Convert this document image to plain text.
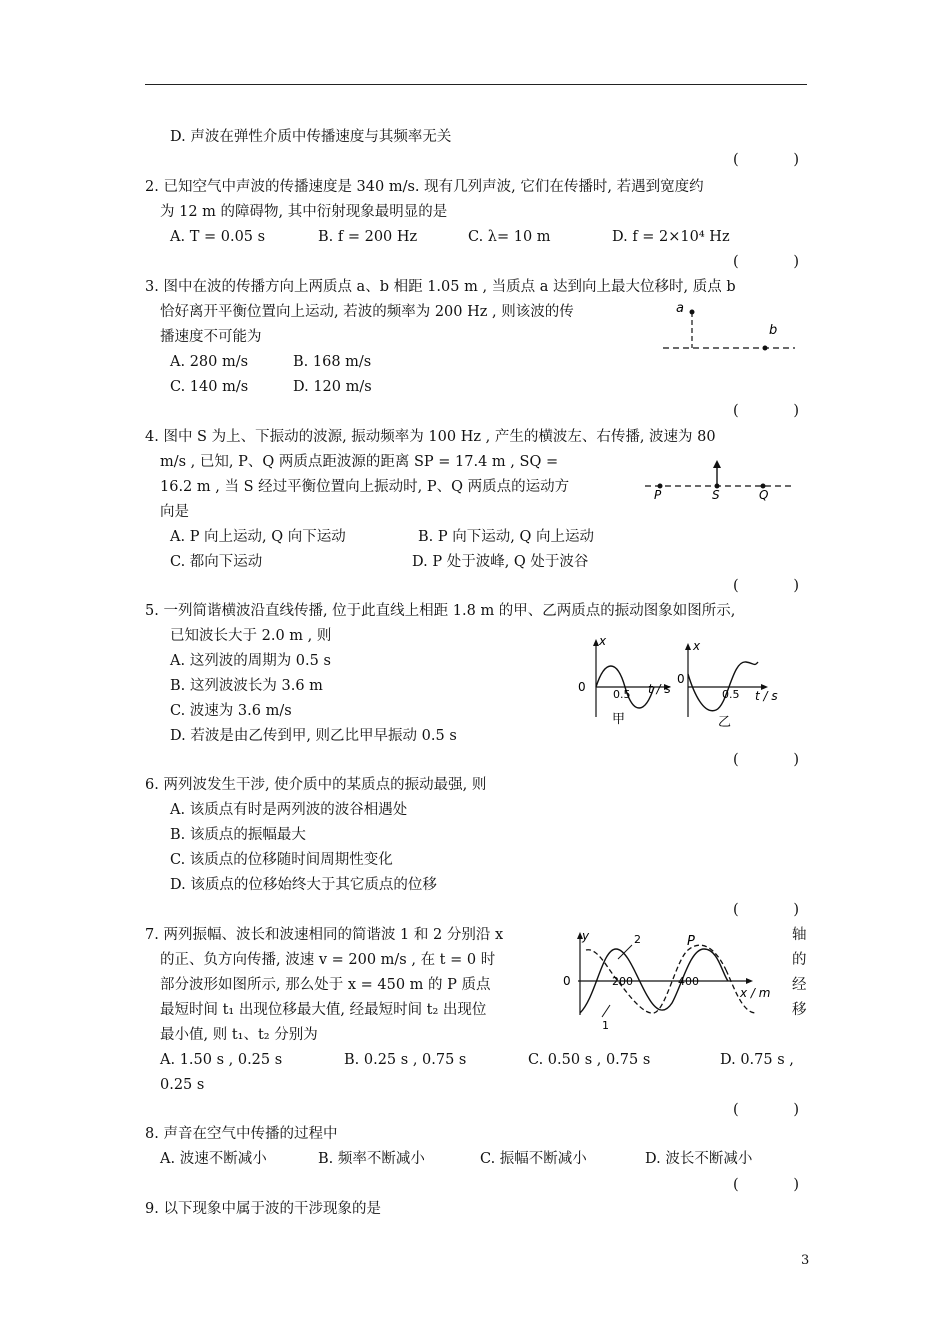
D. 声波在弹性介质中传播速度与其频率无关
(	)
2. 已知空气中声波的传播速度是 340 m/s. 现有几列声波, 它们在传播时, 若遇到宽度约
为 12 m 的障碍物, 其中衍射现象最明显的是
A. T = 0.05 s	B. f = 200 Hz	C. λ= 10 m	D. f = 2×10⁴ Hz
(	)
3. 图中在波的传播方向上两质点 a、b 相距 1.05 m , 当质点 a 达到向上最大位移时, 质点 b
恰好离开平衡位置向上运动, 若波的频率为 200 Hz , 则该波的传
播速度不可能为
A. 280 m/s	B. 168 m/s
C. 140 m/s	D. 120 m/s
a
b
(	)
4. 图中 S 为上、下振动的波源, 振动频率为 100 Hz , 产生的横波左、右传播, 波速为 80
m/s , 已知, P、Q 两质点距波源的距离 SP = 17.4 m , SQ =
16.2 m , 当 S 经过平衡位置向上振动时, P、Q 两质点的运动方
向是
A. P 向上运动, Q 向下运动	B. P 向下运动, Q 向上运动
C. 都向下运动	D. P 处于波峰, Q 处于波谷
P	S	Q
(	)
5. 一列简谐横波沿直线传播, 位于此直线上相距 1.8 m 的甲、乙两质点的振动图象如图所示,
已知波长大于 2.0 m , 则
A. 这列波的周期为 0.5 s
B. 这列波波长为 3.6 m
C. 波速为 3.6 m/s
D. 若波是由乙传到甲, 则乙比甲早振动 0.5 s
x
0
0.5 t / s
甲
x
0
0.5 t / s
乙
(	)
6. 两列波发生干涉, 使介质中的某质点的振动最强, 则
A. 该质点有时是两列波的波谷相遇处
B. 该质点的振幅最大
C. 该质点的位移随时间周期性变化
D. 该质点的位移始终大于其它质点的位移
(	)
7. 两列振幅、波长和波速相同的简谐波 1 和 2 分别沿 x
的正、负方向传播, 波速 v = 200 m/s , 在 t = 0 时
部分波形如图所示, 那么处于 x = 450 m 的 P 质点
最短时间 t₁ 出现位移最大值, 经最短时间 t₂ 出现位
最小值, 则 t₁、t₂ 分别为
轴
的
经
移
y
0	200	400
x / m
P
2
1
A. 1.50 s , 0.25 s	B. 0.25 s , 0.75 s	C. 0.50 s , 0.75 s	D. 0.75 s ,
0.25 s
(	)
8. 声音在空气中传播的过程中
A. 波速不断减小	B. 频率不断减小	C. 振幅不断减小	D. 波长不断减小
(	)
9. 以下现象中属于波的干涉现象的是
3
